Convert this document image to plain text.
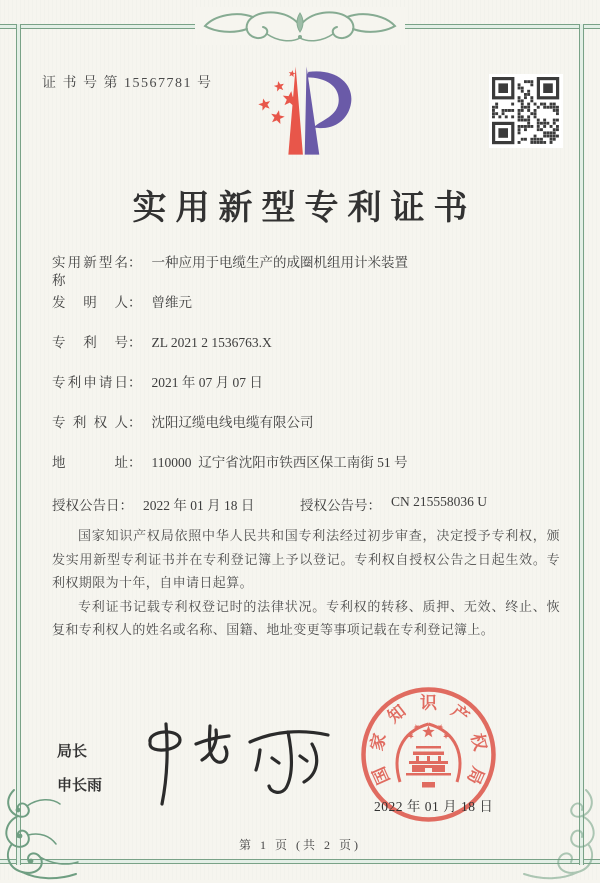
证 书 号 第 15567781 号
实用新型专利证书
实用新型名称
： 一种应用于电缆生产的成圈机组用计米装置
发明人 ： 曾维元
专利号 ： ZL 2021 2 1536763.X
专利申请日 ： 2021 年 07 月 07 日
专利权人 ： 沈阳辽缆电线电缆有限公司
地址 ： 110000  辽宁省沈阳市铁西区保工南街 51 号
授权公告日 ： 2022 年 01 月 18 日	授权公告号 ： CN 215558036 U

国家知识产权局依照中华人民共和国专利法经过初步审查，决定授予专利权，颁发实用新型专利证书并在专利登记簿上予以登记。专利权自授权公告之日起生效。专利权期限为十年，自申请日起算。

专利证书记载专利权登记时的法律状况。专利权的转移、质押、无效、终止、恢复和专利权人的姓名或名称、国籍、地址变更等事项记载在专利登记簿上。

局长
申长雨	国
家
知 识 产
权
局
2022 年 01 月 18 日
第 1 页 (共 2 页)
